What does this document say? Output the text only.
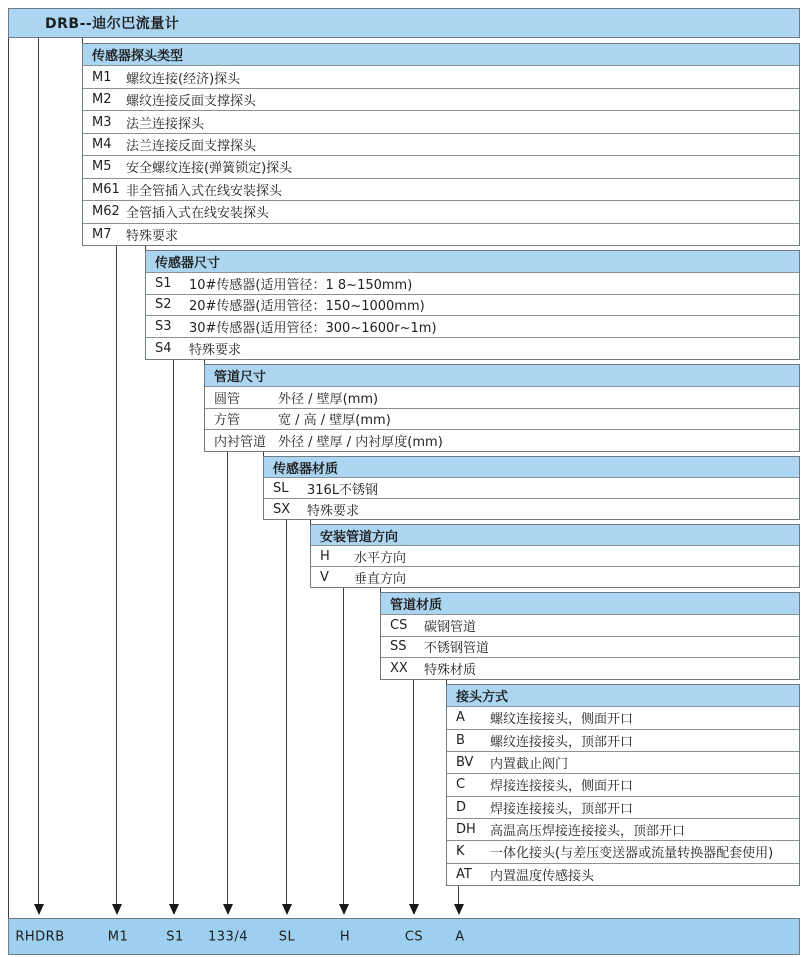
DRB--迪尔巴流量计
传感器探头类型
M1	螺纹连接(经济)探头
M2	螺纹连接反面支撑探头
M3	法兰连接探头
M4	法兰连接反面支撑探头
M5	安全螺纹连接(弹簧锁定)探头
M61 非全管插入式在线安装探头
M62 全管插入式在线安装探头
M7	特殊要求
传感器尺寸
S1	10#传感器(适用管径：1 8~150mm)
S2	20#传感器(适用管径：150~1000mm)
S3	30#传感器(适用管径：300~1600r~1m)
S4	特殊要求
管道尺寸
圆管	外径 / 壁厚(mm)
方管	宽 / 高 / 壁厚(mm)
内衬管道 外径 / 壁厚 / 内衬厚度(mm)
传感器材质
SL	316L不锈钢
SX	特殊要求
安装管道方向
H	水平方向
V	垂直方向
管道材质
CS	碳钢管道
SS	不锈钢管道
XX	特殊材质
接头方式
A	螺纹连接接头，侧面开口
B	螺纹连接接头，顶部开口
BV	内置截止阀门
C	焊接连接接头，侧面开口
D	焊接连接接头，顶部开口
DH	高温高压焊接连接接头，顶部开口
K	一体化接头(与差压变送器或流量转换器配套使用)
AT	内置温度传感接头
RHDRB	M1	S1 133/4 SL	H	CS A
